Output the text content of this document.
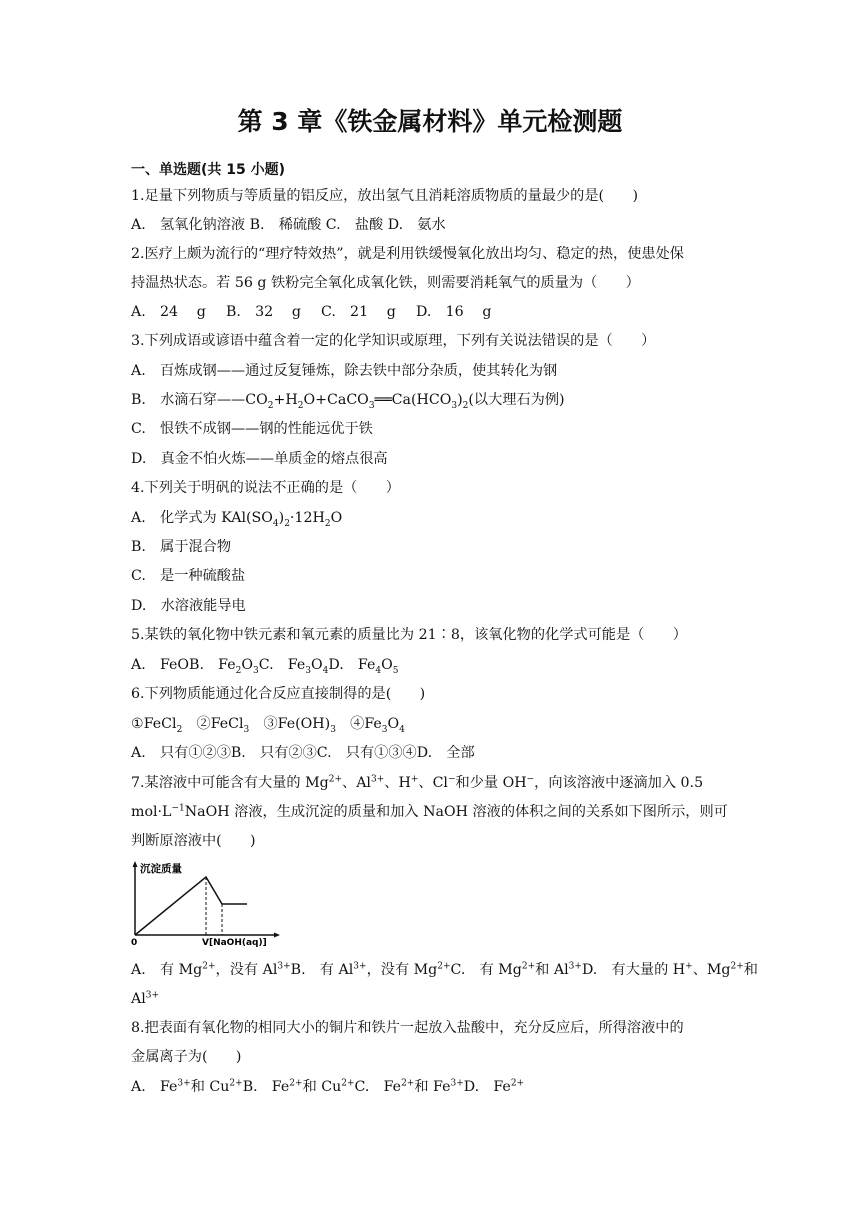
第 3 章《铁金属材料》单元检测题
一、单选题(共 15 小题)
1.足量下列物质与等质量的铝反应，放出氢气且消耗溶质物质的量最少的是(　　)
A.　氢氧化钠溶液 B.　稀硫酸 C.　盐酸 D.　氨水
2.医疗上颇为流行的“理疗特效热”，就是利用铁缓慢氧化放出均匀、稳定的热，使患处保
持温热状态。若 56 g 铁粉完全氧化成氧化铁，则需要消耗氧气的质量为（　　）
A.　24　 g B.　32　 g C.　21　 g D.　16　 g
3.下列成语或谚语中蕴含着一定的化学知识或原理，下列有关说法错误的是（　　）
A.　百炼成钢——通过反复锤炼，除去铁中部分杂质，使其转化为钢
B.　水滴石穿$——CO_2+H_2O+CaCO_3══Ca(HCO_3)_2$(以大理石为例)
C.　恨铁不成钢——钢的性能远优于铁
D.　真金不怕火炼——单质金的熔点很高
4.下列关于明矾的说法不正确的是（　　）
A.　化学式为 $KAl(SO_4)_2\cdot 12H_2O$
B.　属于混合物
C.　是一种硫酸盐
D.　水溶液能导电
5.某铁的氧化物中铁元素和氧元素的质量比为 21∶8，该氧化物的化学式可能是（　　）
A.　FeOB.　$Fe_2O_3C$.　$Fe_3O_4D$.　$Fe_4O_5$
6.下列物质能通过化合反应直接制得的是(　　)
①FeCl$_2$　②FeCl$_3$　$③Fe(OH)_3$　$④Fe_3O_4$
A.　只有①②③B.　只有②③C.　只有①③④D.　全部
7.某溶液中可能含有大量的 $Mg^{2+}$、$Al^{3+}$、H+、Cl−和少量 OH−，向该溶液中逐滴加入 0.5
$mol\cdot L^{-1}NaOH$ 溶液，生成沉淀的质量和加入 NaOH 溶液的体积之间的关系如下图所示，则可
判断原溶液中(　　)
沉淀质量
0	V[NaOH(aq)]
A.　有 $Mg^{2+}$，没有 $Al^{3+}B$.　有 $Al^{3+}$，没有 $Mg^{2+}C$.　有 $Mg^{2+}$和 $Al^{3+}D$.　有大量的 H+、$Mg^{2+}$和
$Al^{3+}$
8.把表面有氧化物的相同大小的铜片和铁片一起放入盐酸中，充分反应后，所得溶液中的
金属离子为(　　)
A.　$Fe^{3+}$和 $Cu^{2+}B$.　$Fe^{2+}$和 $Cu^{2+}C$.　$Fe^{2+}$和 $Fe^{3+}D$.　$Fe^{2+}$
